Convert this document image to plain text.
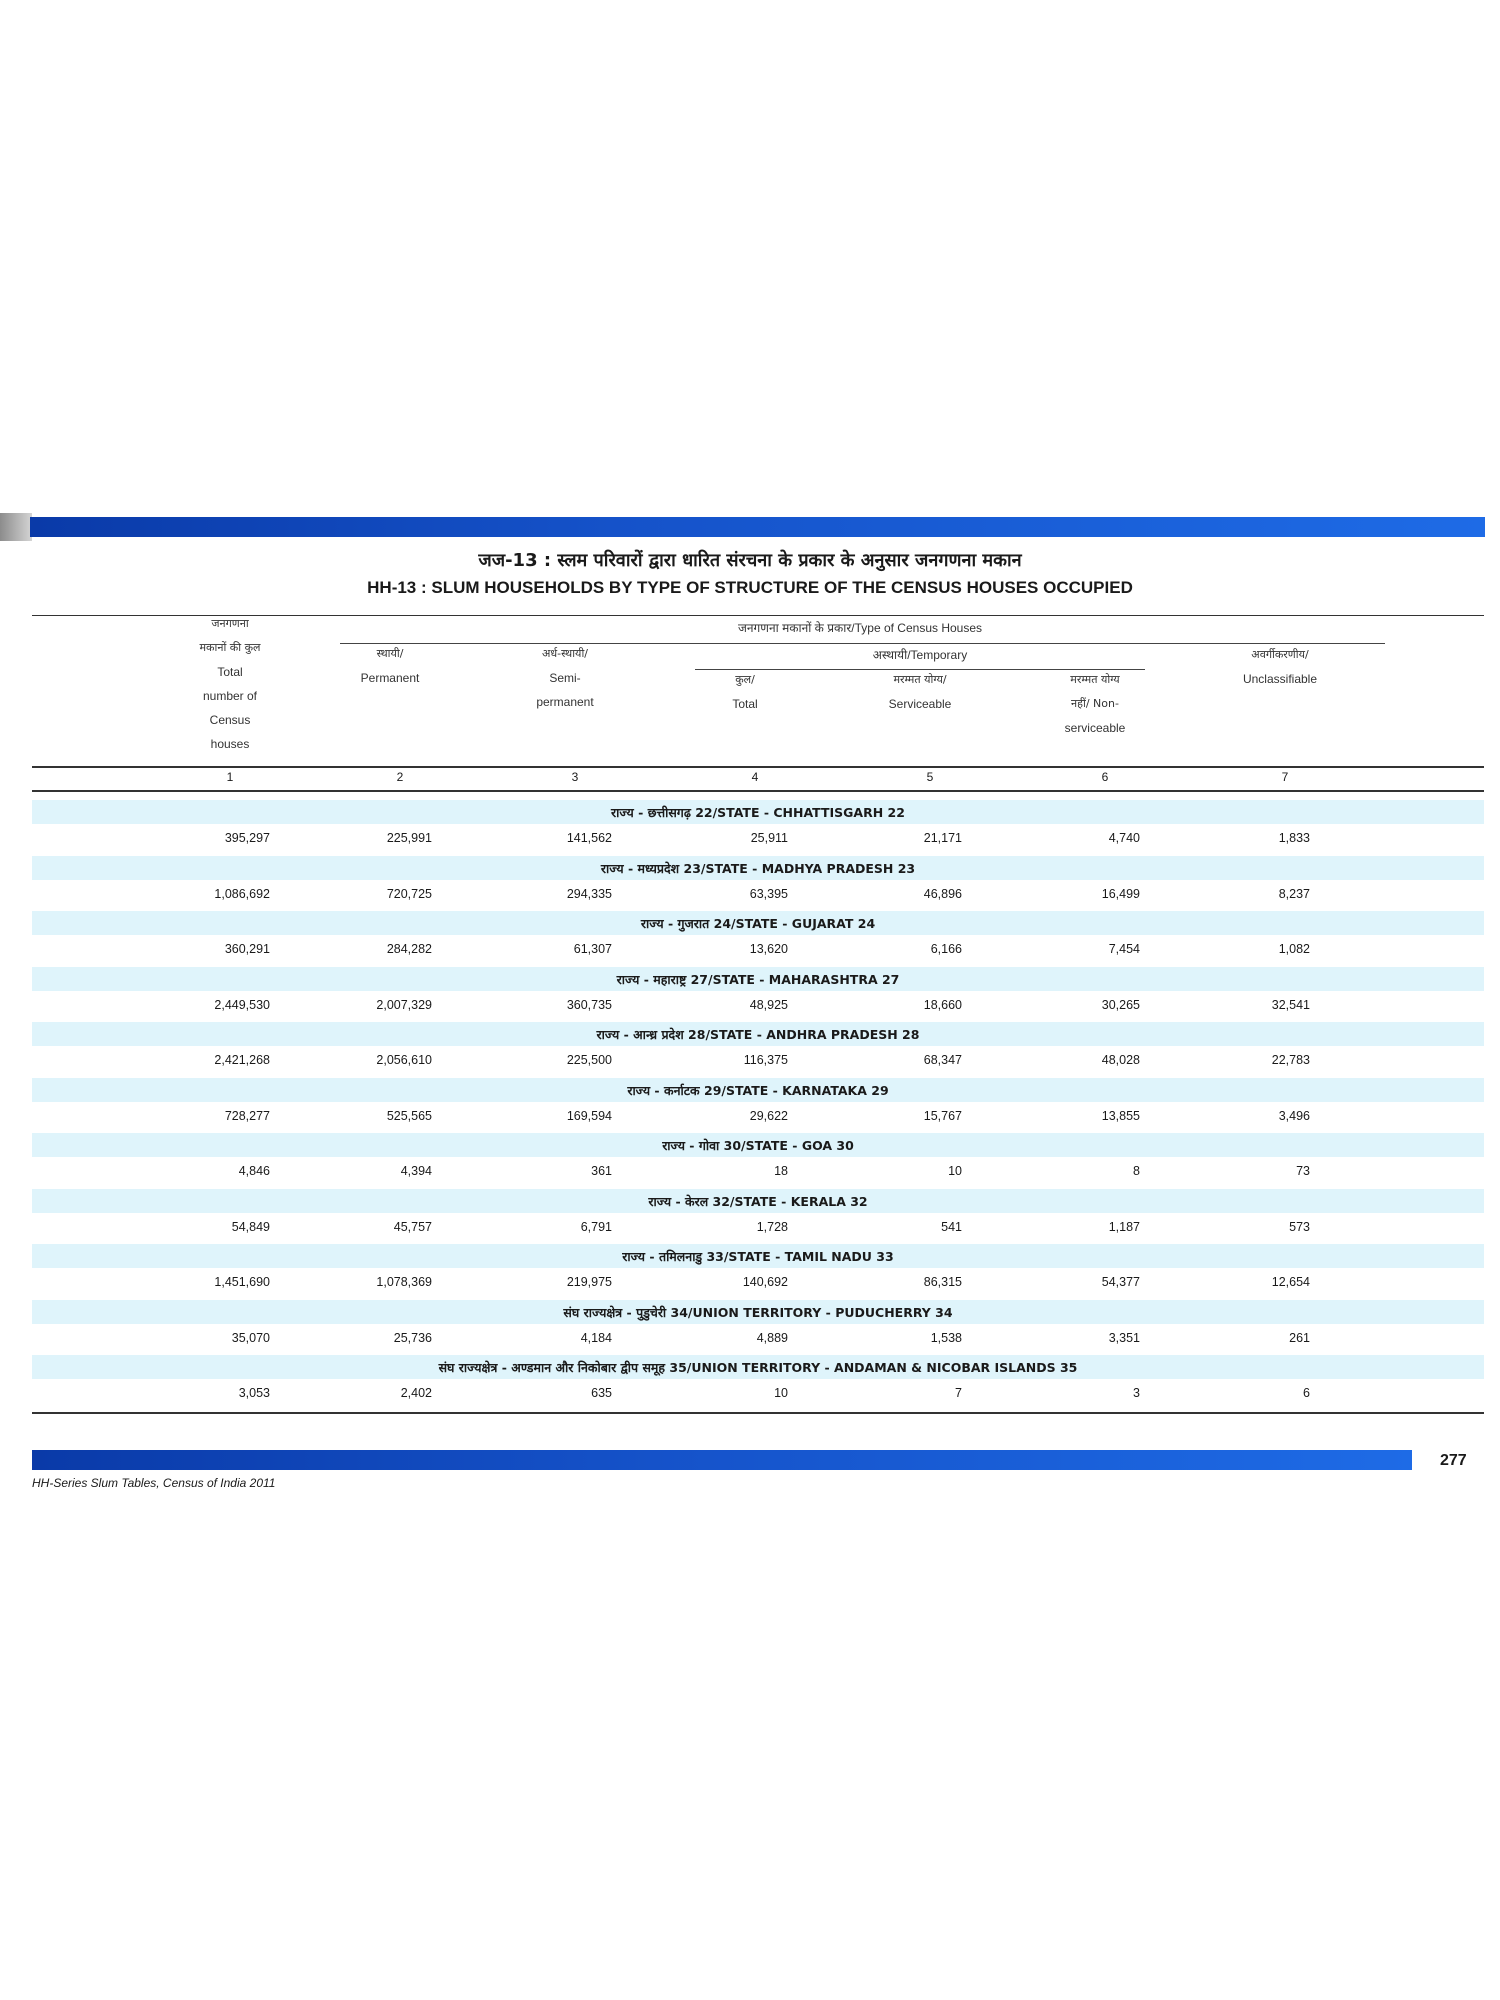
जज-13 : स्लम परिवारों द्वारा धारित संरचना के प्रकार के अनुसार जनगणना मकान
HH-13 : SLUM HOUSEHOLDS BY TYPE OF STRUCTURE OF THE CENSUS HOUSES OCCUPIED
जनगणना
मकानों की कुल
Total
number of
Census
houses
जनगणना मकानों के प्रकार/Type of Census Houses
स्थायी/
Permanent
अर्ध-स्थायी/
Semi-
permanent
अस्थायी/Temporary
कुल/
Total
मरम्मत योग्य/
Serviceable
मरम्मत योग्य
नहीं/ Non-
serviceable
अवर्गीकरणीय/
Unclassifiable
1	2	3	4	5	6	7
राज्य - छत्तीसगढ़ 22/STATE - CHHATTISGARH 22
395,297	225,991	141,562	25,911	21,171	4,740	1,833
राज्य - मध्यप्रदेश 23/STATE - MADHYA PRADESH 23
1,086,692	720,725	294,335	63,395	46,896	16,499	8,237
राज्य - गुजरात 24/STATE - GUJARAT 24
360,291	284,282	61,307	13,620	6,166	7,454	1,082
राज्य - महाराष्ट्र 27/STATE - MAHARASHTRA 27
2,449,530	2,007,329	360,735	48,925	18,660	30,265	32,541
राज्य - आन्ध्र प्रदेश 28/STATE - ANDHRA PRADESH 28
2,421,268	2,056,610	225,500	116,375	68,347	48,028	22,783
राज्य - कर्नाटक 29/STATE - KARNATAKA 29
728,277	525,565	169,594	29,622	15,767	13,855	3,496
राज्य - गोवा 30/STATE - GOA 30
4,846	4,394	361	18	10	8	73
राज्य - केरल 32/STATE - KERALA 32
54,849	45,757	6,791	1,728	541	1,187	573
राज्य - तमिलनाडु 33/STATE - TAMIL NADU 33
1,451,690	1,078,369	219,975	140,692	86,315	54,377	12,654
संघ राज्यक्षेत्र - पुडुचेरी 34/UNION TERRITORY - PUDUCHERRY 34
35,070	25,736	4,184	4,889	1,538	3,351	261
संघ राज्यक्षेत्र - अण्डमान और निकोबार द्वीप समूह 35/UNION TERRITORY - ANDAMAN & NICOBAR ISLANDS 35
3,053	2,402	635	10	7	3	6
277
HH-Series Slum Tables, Census of India 2011
